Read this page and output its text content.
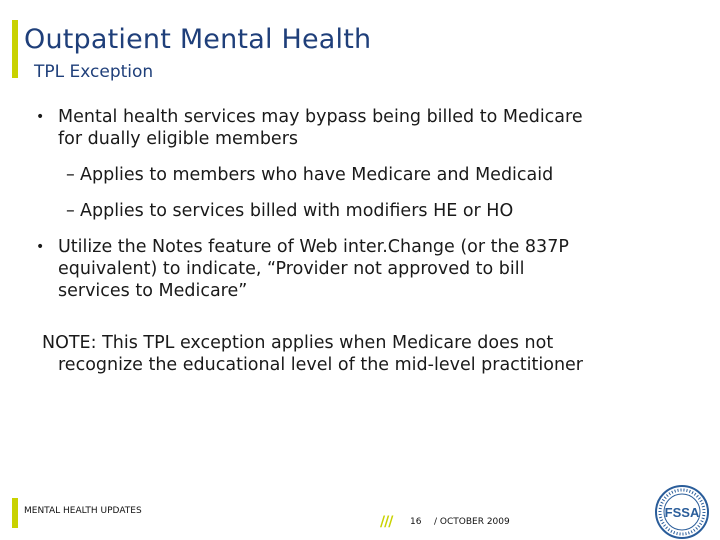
Outpatient Mental Health
TPL Exception
• Mental health services may bypass being billed to Medicare
for dually eligible members
– Applies to members who have Medicare and Medicaid
– Applies to services billed with modifiers HE or HO
• Utilize the Notes feature of Web inter.Change (or the 837P
equivalent) to indicate, “Provider not approved to bill
services to Medicare”
NOTE: This TPL exception applies when Medicare does not
recognize the educational level of the mid-level practitioner
MENTAL HEALTH UPDATES
/// 16 / OCTOBER 2009
FSSA
